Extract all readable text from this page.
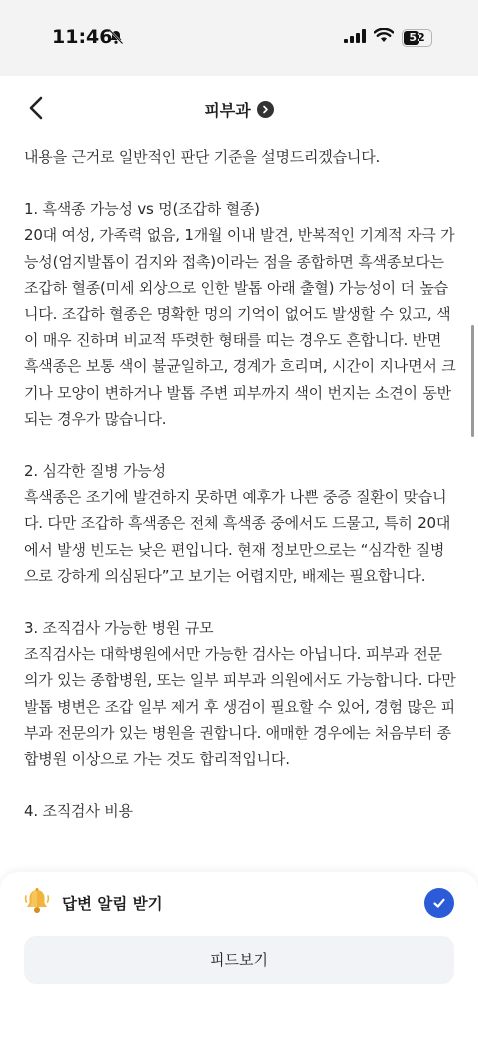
11:46	52
피부과

내용을 근거로 일반적인 판단 기준을 설명드리겠습니다.

1. 흑색종 가능성 vs 멍(조갑하 혈종)

20대 여성, 가족력 없음, 1개월 이내 발견, 반복적인 기계적 자극 가능성(엄지발톱이 검지와 접촉)이라는 점을 종합하면 흑색종보다는 조갑하 혈종(미세 외상으로 인한 발톱 아래 출혈) 가능성이 더 높습니다. 조갑하 혈종은 명확한 멍의 기억이 없어도 발생할 수 있고, 색이 매우 진하며 비교적 뚜렷한 형태를 띠는 경우도 흔합니다. 반면 흑색종은 보통 색이 불균일하고, 경계가 흐리며, 시간이 지나면서 크기나 모양이 변하거나 발톱 주변 피부까지 색이 번지는 소견이 동반되는 경우가 많습니다.

2. 심각한 질병 가능성

흑색종은 조기에 발견하지 못하면 예후가 나쁜 중증 질환이 맞습니다. 다만 조갑하 흑색종은 전체 흑색종 중에서도 드물고, 특히 20대에서 발생 빈도는 낮은 편입니다. 현재 정보만으로는 “심각한 질병으로 강하게 의심된다”고 보기는 어렵지만, 배제는 필요합니다.

3. 조직검사 가능한 병원 규모

조직검사는 대학병원에서만 가능한 검사는 아닙니다. 피부과 전문의가 있는 종합병원, 또는 일부 피부과 의원에서도 가능합니다. 다만 발톱 병변은 조갑 일부 제거 후 생검이 필요할 수 있어, 경험 많은 피부과 전문의가 있는 병원을 권합니다. 애매한 경우에는 처음부터 종합병원 이상으로 가는 것도 합리적입니다.

4. 조직검사 비용
답변 알림 받기
피드보기
